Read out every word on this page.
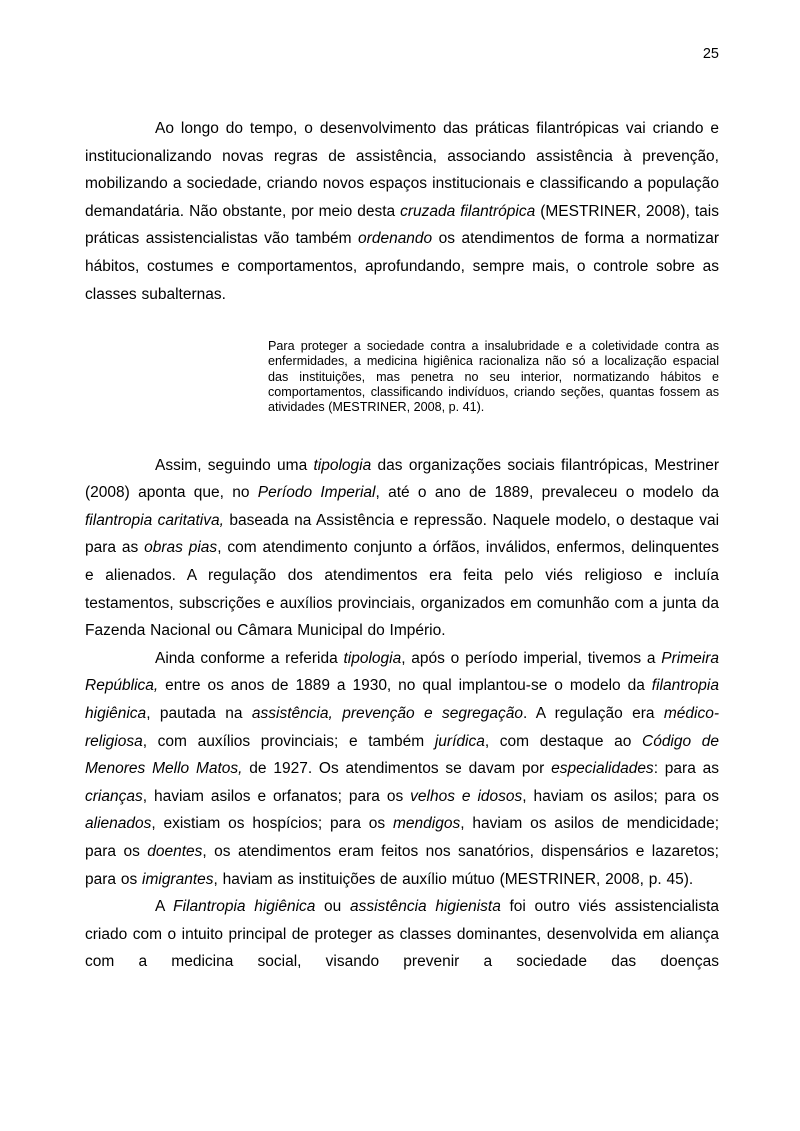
25

Ao longo do tempo, o desenvolvimento das práticas filantrópicas vai criando e institucionalizando novas regras de assistência, associando assistência à prevenção, mobilizando a sociedade, criando novos espaços institucionais e classificando a população demandatária. Não obstante, por meio desta cruzada filantrópica (MESTRINER, 2008), tais práticas assistencialistas vão também ordenando os atendimentos de forma a normatizar hábitos, costumes e comportamentos, aprofundando, sempre mais, o controle sobre as classes subalternas.

Para proteger a sociedade contra a insalubridade e a coletividade contra as enfermidades, a medicina higiênica racionaliza não só a localização espacial das instituições, mas penetra no seu interior, normatizando hábitos e comportamentos, classificando indivíduos, criando seções, quantas fossem as atividades (MESTRINER, 2008, p. 41).

Assim, seguindo uma tipologia das organizações sociais filantrópicas, Mestriner (2008) aponta que, no Período Imperial, até o ano de 1889, prevaleceu o modelo da filantropia caritativa, baseada na Assistência e repressão. Naquele modelo, o destaque vai para as obras pias, com atendimento conjunto a órfãos, inválidos, enfermos, delinquentes e alienados. A regulação dos atendimentos era feita pelo viés religioso e incluía testamentos, subscrições e auxílios provinciais, organizados em comunhão com a junta da Fazenda Nacional ou Câmara Municipal do Império.

Ainda conforme a referida tipologia, após o período imperial, tivemos a Primeira República, entre os anos de 1889 a 1930, no qual implantou-se o modelo da filantropia higiênica, pautada na assistência, prevenção e segregação. A regulação era médico-religiosa, com auxílios provinciais; e também jurídica, com destaque ao Código de Menores Mello Matos, de 1927. Os atendimentos se davam por especialidades: para as crianças, haviam asilos e orfanatos; para os velhos e idosos, haviam os asilos; para os alienados, existiam os hospícios; para os mendigos, haviam os asilos de mendicidade; para os doentes, os atendimentos eram feitos nos sanatórios, dispensários e lazaretos; para os imigrantes, haviam as instituições de auxílio mútuo (MESTRINER, 2008, p. 45).

A Filantropia higiênica ou assistência higienista foi outro viés assistencialista criado com o intuito principal de proteger as classes dominantes, desenvolvida em aliança com a medicina social, visando prevenir a sociedade das doenças
